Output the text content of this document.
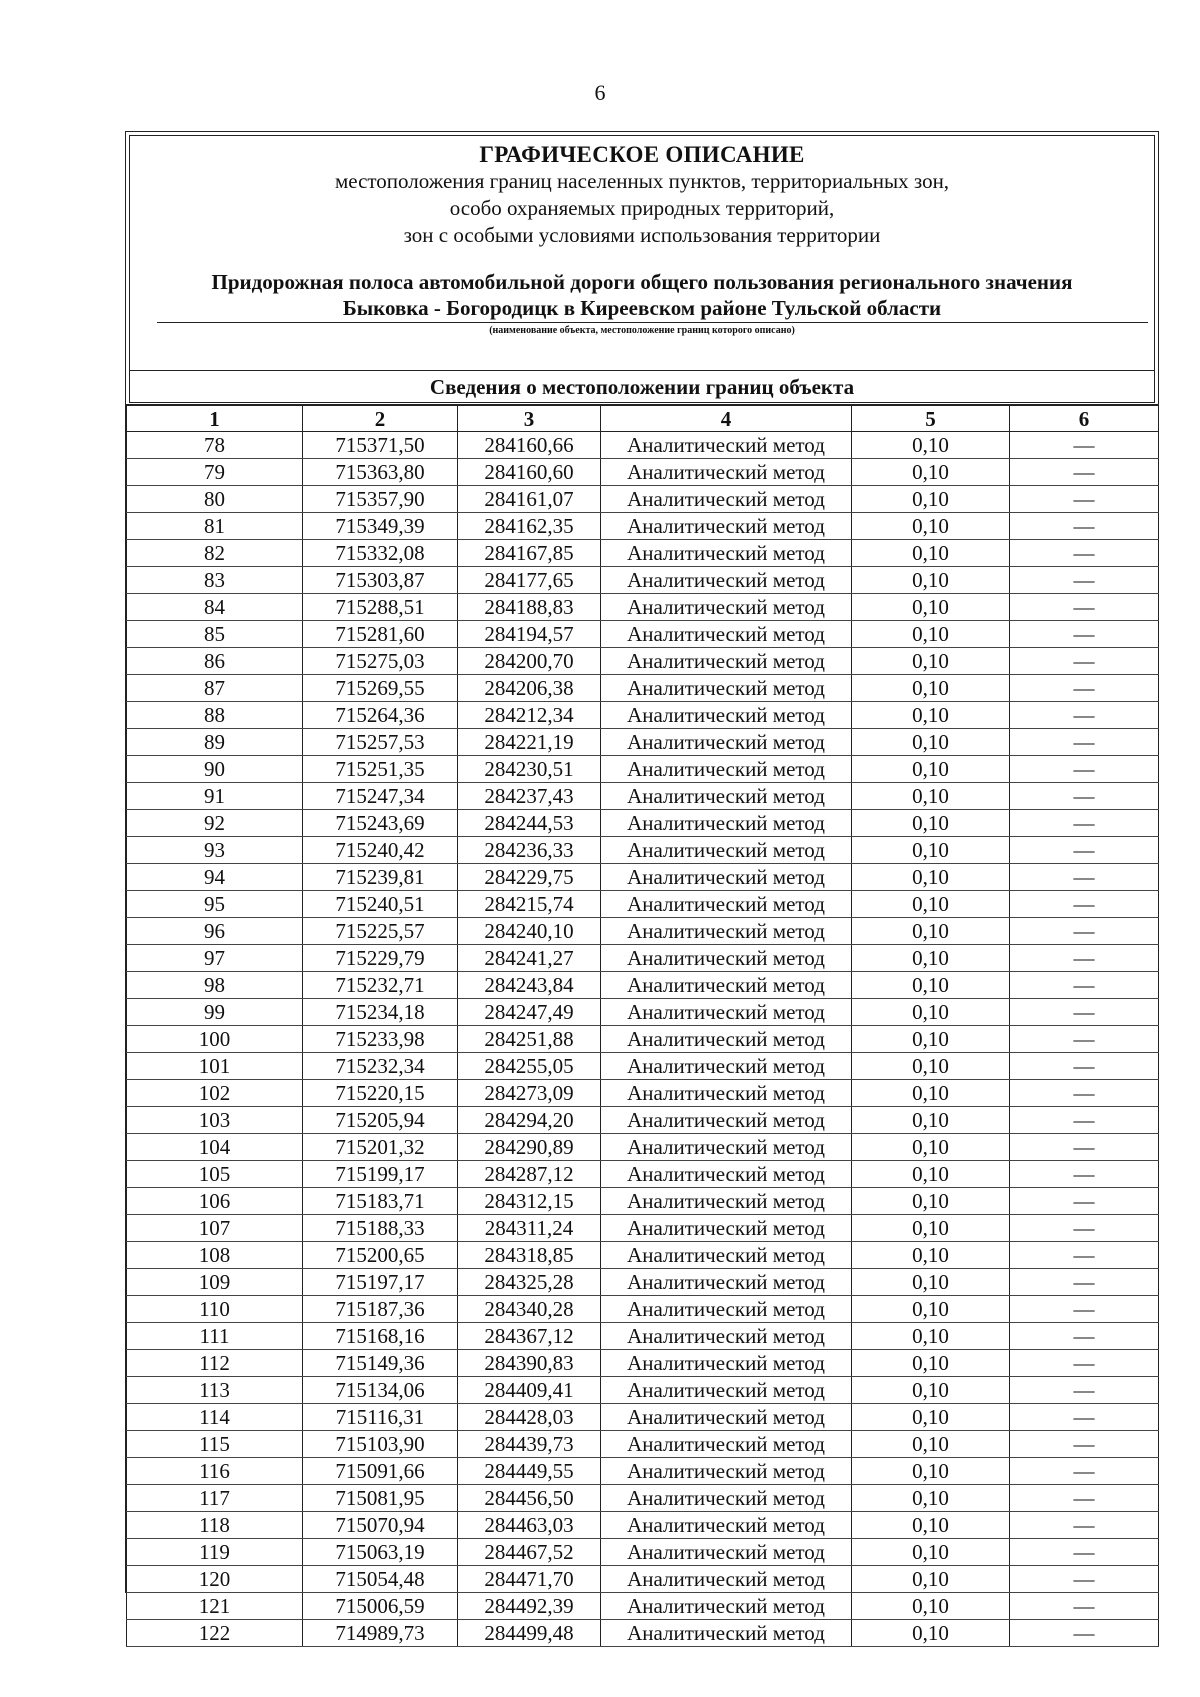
6
ГРАФИЧЕСКОЕ ОПИСАНИЕ
местоположения границ населенных пунктов, территориальных зон,
особо охраняемых природных территорий,
зон с особыми условиями использования территории
Придорожная полоса автомобильной дороги общего пользования регионального значения
Быковка - Богородицк в Киреевском районе Тульской области
(наименование объекта, местоположение границ которого описано)
Сведения о местоположении границ объекта
1	2	3	4	5	6
78	715371,50	284160,66	Аналитический метод	0,10	—
79	715363,80	284160,60	Аналитический метод	0,10	—
80	715357,90	284161,07	Аналитический метод	0,10	—
81	715349,39	284162,35	Аналитический метод	0,10	—
82	715332,08	284167,85	Аналитический метод	0,10	—
83	715303,87	284177,65	Аналитический метод	0,10	—
84	715288,51	284188,83	Аналитический метод	0,10	—
85	715281,60	284194,57	Аналитический метод	0,10	—
86	715275,03	284200,70	Аналитический метод	0,10	—
87	715269,55	284206,38	Аналитический метод	0,10	—
88	715264,36	284212,34	Аналитический метод	0,10	—
89	715257,53	284221,19	Аналитический метод	0,10	—
90	715251,35	284230,51	Аналитический метод	0,10	—
91	715247,34	284237,43	Аналитический метод	0,10	—
92	715243,69	284244,53	Аналитический метод	0,10	—
93	715240,42	284236,33	Аналитический метод	0,10	—
94	715239,81	284229,75	Аналитический метод	0,10	—
95	715240,51	284215,74	Аналитический метод	0,10	—
96	715225,57	284240,10	Аналитический метод	0,10	—
97	715229,79	284241,27	Аналитический метод	0,10	—
98	715232,71	284243,84	Аналитический метод	0,10	—
99	715234,18	284247,49	Аналитический метод	0,10	—
100	715233,98	284251,88	Аналитический метод	0,10	—
101	715232,34	284255,05	Аналитический метод	0,10	—
102	715220,15	284273,09	Аналитический метод	0,10	—
103	715205,94	284294,20	Аналитический метод	0,10	—
104	715201,32	284290,89	Аналитический метод	0,10	—
105	715199,17	284287,12	Аналитический метод	0,10	—
106	715183,71	284312,15	Аналитический метод	0,10	—
107	715188,33	284311,24	Аналитический метод	0,10	—
108	715200,65	284318,85	Аналитический метод	0,10	—
109	715197,17	284325,28	Аналитический метод	0,10	—
110	715187,36	284340,28	Аналитический метод	0,10	—
111	715168,16	284367,12	Аналитический метод	0,10	—
112	715149,36	284390,83	Аналитический метод	0,10	—
113	715134,06	284409,41	Аналитический метод	0,10	—
114	715116,31	284428,03	Аналитический метод	0,10	—
115	715103,90	284439,73	Аналитический метод	0,10	—
116	715091,66	284449,55	Аналитический метод	0,10	—
117	715081,95	284456,50	Аналитический метод	0,10	—
118	715070,94	284463,03	Аналитический метод	0,10	—
119	715063,19	284467,52	Аналитический метод	0,10	—
120	715054,48	284471,70	Аналитический метод	0,10	—
121	715006,59	284492,39	Аналитический метод	0,10	—
122	714989,73	284499,48	Аналитический метод	0,10	—
